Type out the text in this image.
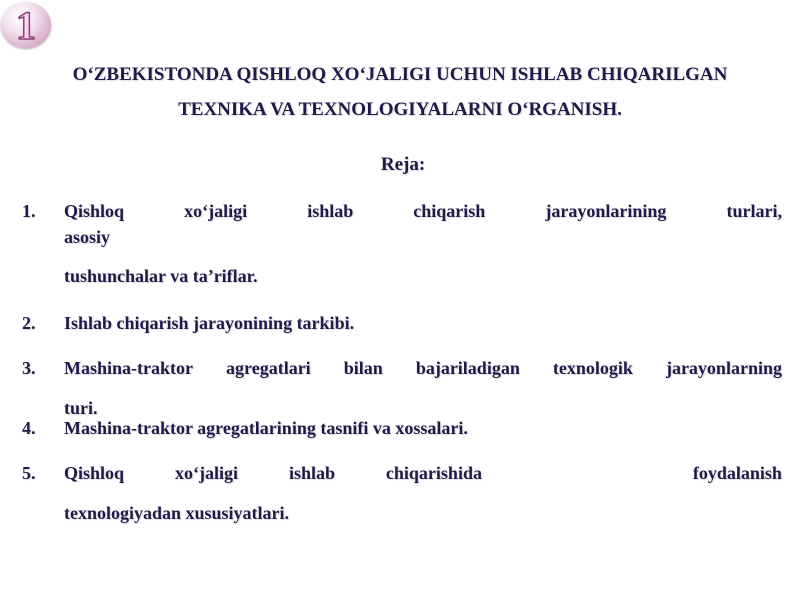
1
O‘ZBEKISTONDA QISHLOQ XO‘JALIGI UCHUN ISHLAB CHIQARILGAN
TEXNIKA VA TEXNOLOGIYALARNI O‘RGANISH.
Reja:
1.	Qishloq	xo‘jaligi	ishlab	chiqarish	jarayonlarining	turlari,
asosiy
tushunchalar va ta’riflar.
2.	Ishlab chiqarish jarayonining tarkibi.
3.	Mashina-traktor agregatlari bilan bajariladigan texnologik jarayonlarning
turi.
4.	Mashina-traktor agregatlarining tasnifi va xossalari.
5.	Qishloq	xo‘jaligi	ishlab	chiqarishida	foydalanish
texnologiyadan xususiyatlari.
